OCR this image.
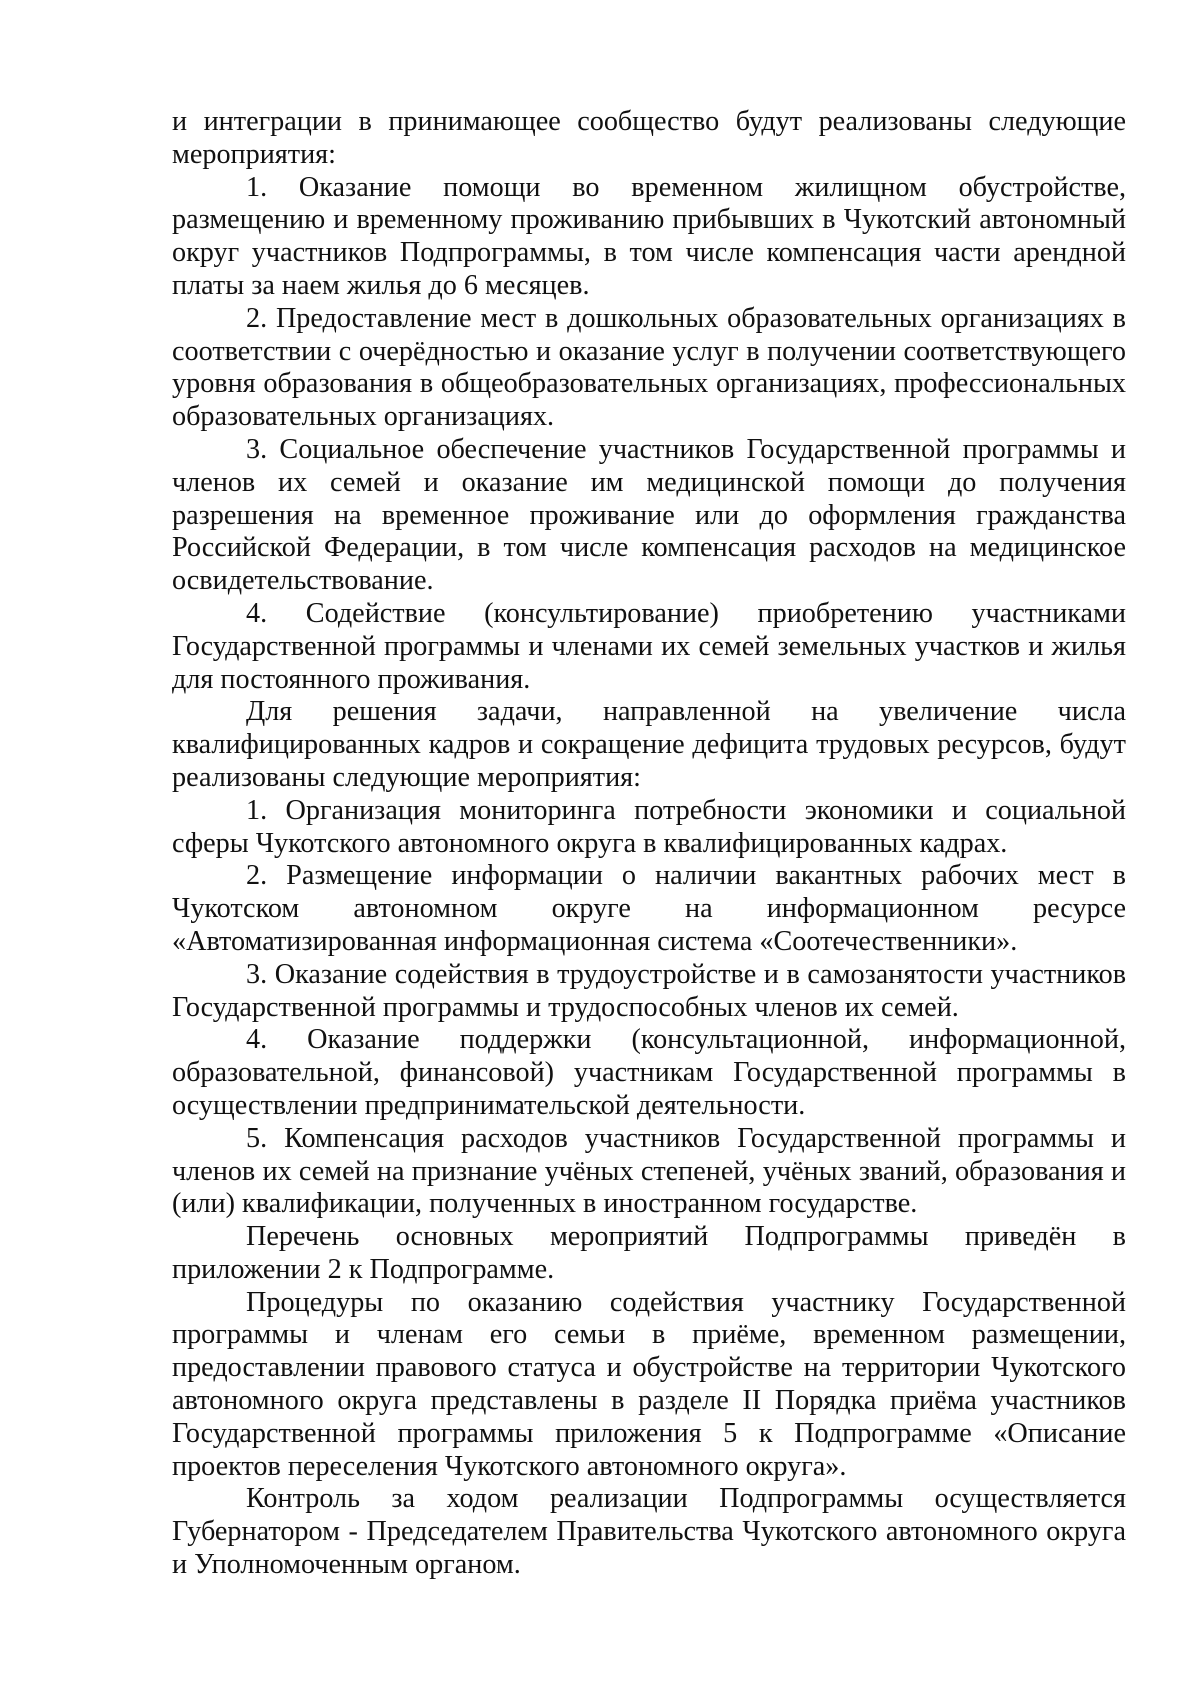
и интеграции в принимающее сообщество будут реализованы следующие мероприятия:

1. Оказание помощи во временном жилищном обустройстве, размещению и временному проживанию прибывших в Чукотский автономный округ участников Подпрограммы, в том числе компенсация части арендной платы за наем жилья до 6 месяцев.

2. Предоставление мест в дошкольных образовательных организациях в соответствии с очерёдностью и оказание услуг в получении соответствующего уровня образования в общеобразовательных организациях, профессиональных образовательных организациях.

3. Социальное обеспечение участников Государственной программы и членов их семей и оказание им медицинской помощи до получения разрешения на временное проживание или до оформления гражданства Российской Федерации, в том числе компенсация расходов на медицинское освидетельствование.

4. Содействие (консультирование) приобретению участниками Государственной программы и членами их семей земельных участков и жилья для постоянного проживания.

Для решения задачи, направленной на увеличение числа квалифицированных кадров и сокращение дефицита трудовых ресурсов, будут реализованы следующие мероприятия:

1. Организация мониторинга потребности экономики и социальной сферы Чукотского автономного округа в квалифицированных кадрах.

2. Размещение информации о наличии вакантных рабочих мест в Чукотском автономном округе на информационном ресурсе «Автоматизированная информационная система «Соотечественники».

3. Оказание содействия в трудоустройстве и в самозанятости участников Государственной программы и трудоспособных членов их семей.

4. Оказание поддержки (консультационной, информационной, образовательной, финансовой) участникам Государственной программы в осуществлении предпринимательской деятельности.

5. Компенсация расходов участников Государственной программы и членов их семей на признание учёных степеней, учёных званий, образования и (или) квалификации, полученных в иностранном государстве.

Перечень основных мероприятий Подпрограммы приведён в приложении 2 к Подпрограмме.

Процедуры по оказанию содействия участнику Государственной программы и членам его семьи в приёме, временном размещении, предоставлении правового статуса и обустройстве на территории Чукотского автономного округа представлены в разделе II Порядка приёма участников Государственной программы приложения 5 к Подпрограмме «Описание проектов переселения Чукотского автономного округа».

Контроль за ходом реализации Подпрограммы осуществляется Губернатором - Председателем Правительства Чукотского автономного округа и Уполномоченным органом.
